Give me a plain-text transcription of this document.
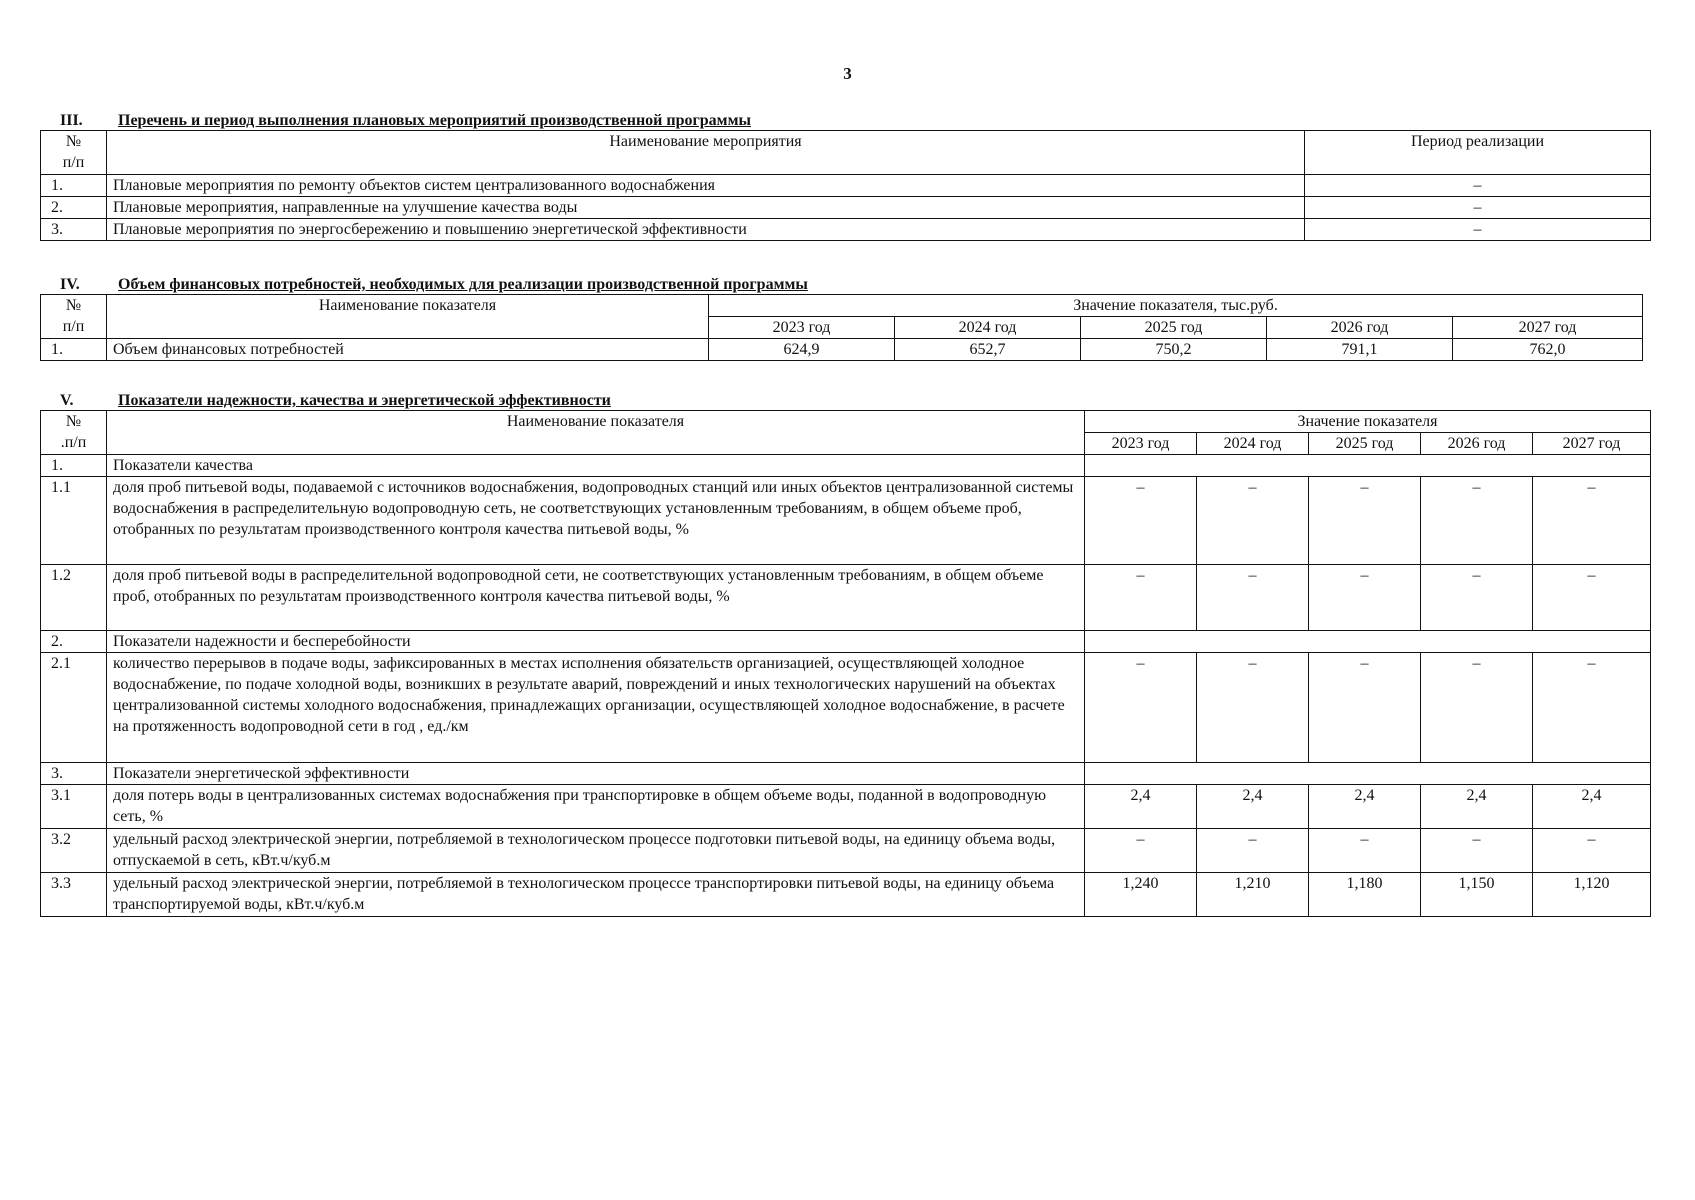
3
III. Перечень и период выполнения плановых мероприятий производственной программы
№
п/п	Наименование мероприятия	Период реализации
1.	Плановые мероприятия по ремонту объектов систем централизованного водоснабжения	–
2.	Плановые мероприятия, направленные на улучшение качества воды	–
3.	Плановые мероприятия по энергосбережению и повышению энергетической эффективности	–
IV. Объем финансовых потребностей, необходимых для реализации производственной программы
№
п/п	Наименование показателя	Значение показателя, тыс.руб.				
		2023 год	2024 год	2025 год	2026 год	2027 год
1.	Объем финансовых потребностей	624,9	652,7	750,2	791,1	762,0
V.	Показатели надежности, качества и энергетической эффективности
№
.п/п	Наименование показателя	Значение показателя				
		2023 год	2024 год	2025 год	2026 год	2027 год
1.	Показатели качества					
1.1	доля проб питьевой воды, подаваемой с источников водоснабжения, водопроводных станций или иных объектов централизованной системы водоснабжения в распределительную водопроводную сеть, не соответствующих установленным требованиям, в общем объеме проб, отобранных по результатам производственного контроля качества питьевой воды, %	–	–	–	–	–
1.2	доля проб питьевой воды в распределительной водопроводной сети, не соответствующих установленным требованиям, в общем объеме проб, отобранных по результатам производственного контроля качества питьевой воды, %	–	–	–	–	–
2.	Показатели надежности и бесперебойности					
2.1	количество перерывов в подаче воды, зафиксированных в местах исполнения обязательств организацией, осуществляющей холодное водоснабжение, по подаче холодной воды, возникших в результате аварий, повреждений и иных технологических нарушений на объектах централизованной системы холодного водоснабжения, принадлежащих организации, осуществляющей холодное водоснабжение, в расчете на протяженность водопроводной сети в год , ед./км	–	–	–	–	–
3.	Показатели энергетической эффективности					
3.1	доля потерь воды в централизованных системах водоснабжения при транспортировке в общем объеме воды, поданной в водопроводную сеть, %	2,4	2,4	2,4	2,4	2,4
3.2	удельный расход электрической энергии, потребляемой в технологическом процессе подготовки питьевой воды, на единицу объема воды, отпускаемой в сеть, кВт.ч/куб.м	–	–	–	–	–
3.3	удельный расход электрической энергии, потребляемой в технологическом процессе транспортировки питьевой воды, на единицу объема транспортируемой воды, кВт.ч/куб.м	1,240	1,210	1,180	1,150	1,120
